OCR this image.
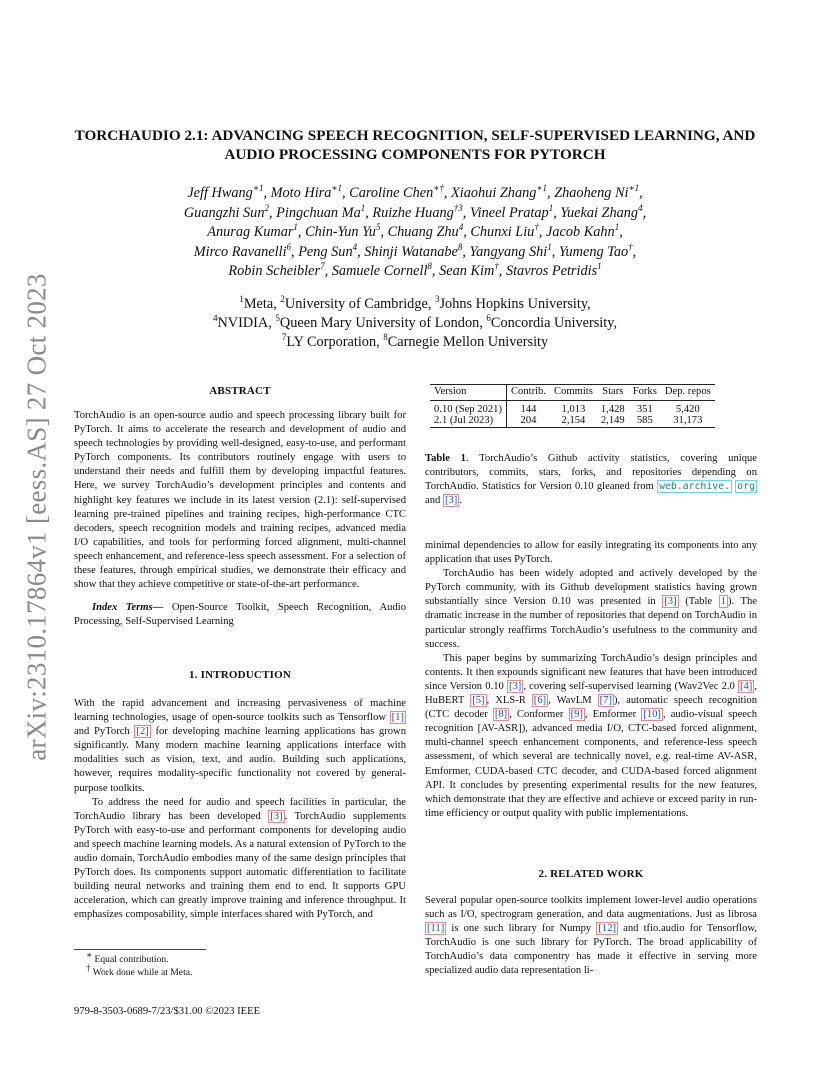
arXiv:2310.17864v1 [eess.AS] 27 Oct 2023
TORCHAUDIO 2.1: ADVANCING SPEECH RECOGNITION, SELF-SUPERVISED LEARNING, AND AUDIO PROCESSING COMPONENTS FOR PYTORCH
Jeff Hwang$^{∗1}$, Moto Hira$^{∗1}$, Caroline Chen∗†, Xiaohui Zhang$^{∗1}$, Zhaoheng $Ni^{∗1}$,
Guangzhi Sun$^2$, Pingchuan Ma$^1$, Ruizhe Huang$^{\dagger 3}$, Vineel Pratap$^1$, Yuekai Zhang$^4$,
Anurag Kumar$^1$, Chin-Yun Yu$^5$, Chuang Zhu$^4$, Chunxi Liu†, Jacob Kahn$^1$,
Mirco Ravanelli$^6$, Peng Sun$^4$, Shinji Watanabe$^8$, Yangyang Shi$^1$, Yumeng Tao†,
Robin Scheibler$^7$, Samuele Cornell$^8$, Sean Kim†, Stavros Petridis$^1$
$^1$Meta, $^2$University of Cambridge, $^3$Johns Hopkins University,
$^4$NVIDIA, $^5$Queen Mary University of London, $^6$Concordia University,
$^7$LY Corporation, $^8$Carnegie Mellon University
ABSTRACT

TorchAudio is an open-source audio and speech processing library built for PyTorch. It aims to accelerate the research and development of audio and speech technologies by providing well-designed, easy-to-use, and performant PyTorch components. Its contributors routinely engage with users to understand their needs and fulfill them by developing impactful features. Here, we survey TorchAudio’s development principles and contents and highlight key features we include in its latest version (2.1): self-supervised learning pre-trained pipelines and training recipes, high-performance CTC decoders, speech recognition models and training recipes, advanced media I/O capabilities, and tools for performing forced alignment, multi-channel speech enhancement, and reference-less speech assessment. For a selection of these features, through empirical studies, we demonstrate their efficacy and show that they achieve competitive or state-of-the-art performance.

Index Terms— Open-Source Toolkit, Speech Recognition, Audio Processing, Self-Supervised Learning

1. INTRODUCTION

With the rapid advancement and increasing pervasiveness of machine learning technologies, usage of open-source toolkits such as Tensorflow [1] and PyTorch [2] for developing machine learning applications has grown significantly. Many modern machine learning applications interface with modalities such as vision, text, and audio. Building such applications, however, requires modality-specific functionality not covered by general-purpose toolkits.

To address the need for audio and speech facilities in particular, the TorchAudio library has been developed [3] . TorchAudio supplements PyTorch with easy-to-use and performant components for developing audio and speech machine learning models. As a natural extension of PyTorch to the audio domain, TorchAudio embodies many of the same design principles that PyTorch does. Its components support automatic differentiation to facilitate building neural networks and training them end to end. It supports GPU acceleration, which can greatly improve training and inference throughput. It emphasizes composability, simple interfaces shared with PyTorch, and

∗ Equal contribution.
† Work done while at Meta.
979-8-3503-0689-7/23/$31.00 ©2023 IEEE
Version	Contrib.	Commits	Stars	Forks	Dep. repos
0.10 (Sep 2021)	144	1,013	1,428	351	5,420
2.1 (Jul 2023)	204	2,154	2,149	585	31,173

Table 1. TorchAudio’s Github activity statistics, covering unique contributors, commits, stars, forks, and repositories depending on TorchAudio. Statistics for Version 0.10 gleaned from web.archive. org and [3] .

minimal dependencies to allow for easily integrating its components into any application that uses PyTorch.

TorchAudio has been widely adopted and actively developed by the PyTorch community, with its Github development statistics having grown substantially since Version 0.10 was presented in [3] (Table 1 ). The dramatic increase in the number of repositories that depend on TorchAudio in particular strongly reaffirms TorchAudio’s usefulness to the community and success.

This paper begins by summarizing TorchAudio’s design principles and contents. It then expounds significant new features that have been introduced since Version 0.10 [3] , covering self-supervised learning (Wav2Vec 2.0 [4] , HuBERT [5] , XLS-R [6] , WavLM [7] ), automatic speech recognition (CTC decoder [8] , Conformer [9] , Emformer [10] , audio-visual speech recognition [AV-ASR]), advanced media I/O, CTC-based forced alignment, multi-channel speech enhancement components, and reference-less speech assessment, of which several are technically novel, e.g. real-time AV-ASR, Emformer, CUDA-based CTC decoder, and CUDA-based forced alignment API. It concludes by presenting experimental results for the new features, which demonstrate that they are effective and achieve or exceed parity in run-time efficiency or output quality with public implementations.

2. RELATED WORK

Several popular open-source toolkits implement lower-level audio operations such as I/O, spectrogram generation, and data augmentations. Just as librosa [11] is one such library for Numpy [12] and tfio.audio for Tensorflow, TorchAudio is one such library for PyTorch. The broad applicability of TorchAudio’s data componentry has made it effective in serving more specialized audio data representation li-
